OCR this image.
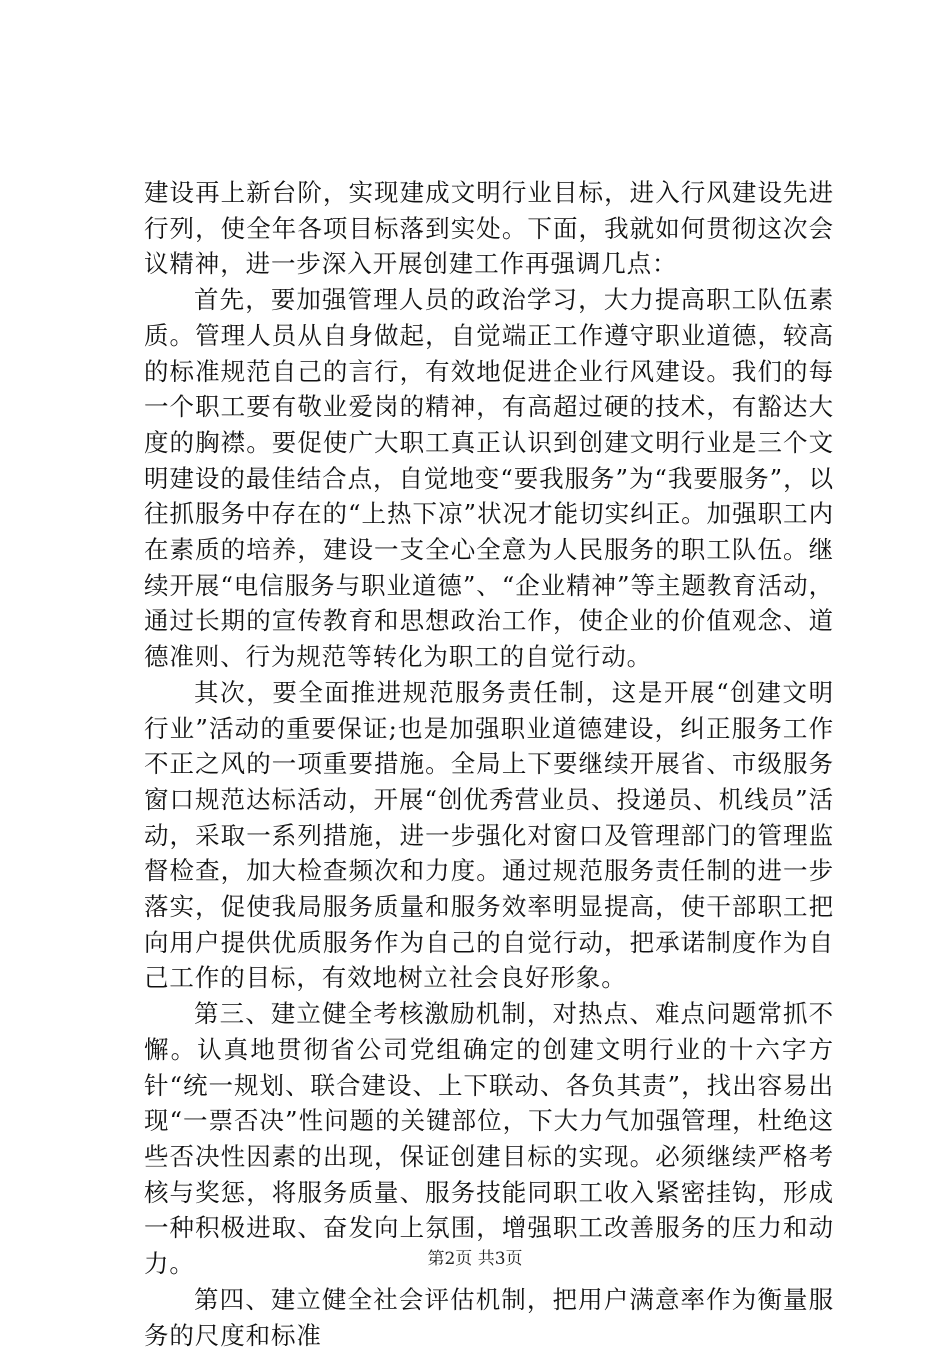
建设再上新台阶，实现建成文明行业目标，进入行风建设先进行列，使全年各项目标落到实处。下面，我就如何贯彻这次会议精神，进一步深入开展创建工作再强调几点：

首先，要加强管理人员的政治学习，大力提高职工队伍素质。管理人员从自身做起，自觉端正工作遵守职业道德，较高的标准规范自己的言行，有效地促进企业行风建设。我们的每一个职工要有敬业爱岗的精神，有高超过硬的技术，有豁达大度的胸襟。要促使广大职工真正认识到创建文明行业是三个文明建设的最佳结合点，自觉地变“要我服务”为“我要服务”，以往抓服务中存在的“上热下凉”状况才能切实纠正。加强职工内在素质的培养，建设一支全心全意为人民服务的职工队伍。继续开展“电信服务与职业道德”、“企业精神”等主题教育活动，通过长期的宣传教育和思想政治工作，使企业的价值观念、道德准则、行为规范等转化为职工的自觉行动。

其次，要全面推进规范服务责任制，这是开展“创建文明行业”活动的重要保证;也是加强职业道德建设，纠正服务工作不正之风的一项重要措施。全局上下要继续开展省、市级服务窗口规范达标活动，开展“创优秀营业员、投递员、机线员”活动，采取一系列措施，进一步强化对窗口及管理部门的管理监督检查，加大检查频次和力度。通过规范服务责任制的进一步落实，促使我局服务质量和服务效率明显提高，使干部职工把向用户提供优质服务作为自己的自觉行动，把承诺制度作为自己工作的目标，有效地树立社会良好形象。

第三、建立健全考核激励机制，对热点、难点问题常抓不懈。认真地贯彻省公司党组确定的创建文明行业的十六字方针“统一规划、联合建设、上下联动、各负其责”，找出容易出现“一票否决”性问题的关键部位，下大力气加强管理，杜绝这些否决性因素的出现，保证创建目标的实现。必须继续严格考核与奖惩，将服务质量、服务技能同职工收入紧密挂钩，形成一种积极进取、奋发向上氛围，增强职工改善服务的压力和动力。

第四、建立健全社会评估机制，把用户满意率作为衡量服务的尺度和标准

第2页 共3页
